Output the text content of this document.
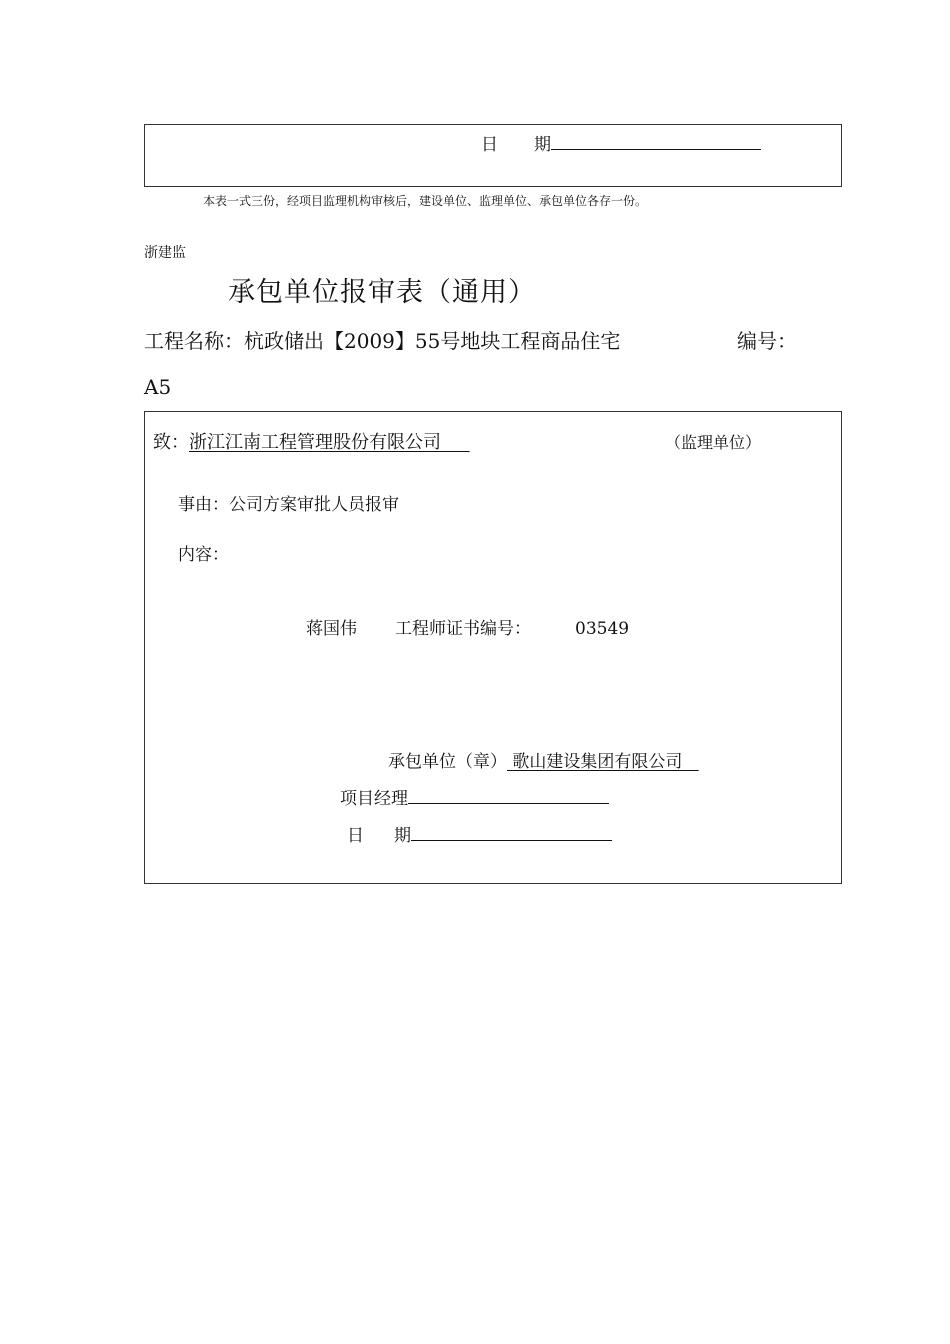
日 期
本表一式三份，经项目监理机构审核后，建设单位、监理单位、承包单位各存一份。
浙建监
承包单位报审表（通用）
工程名称：杭政储出【2009】55号地块工程商品住宅	编号：
A5
致：浙江江南工程管理股份有限公司	（监理单位）
事由：公司方案审批人员报审
内容：
蒋国伟 工程师证书编号：	03549
承包单位（章） 歌山建设集团有限公司
项目经理
日 期
